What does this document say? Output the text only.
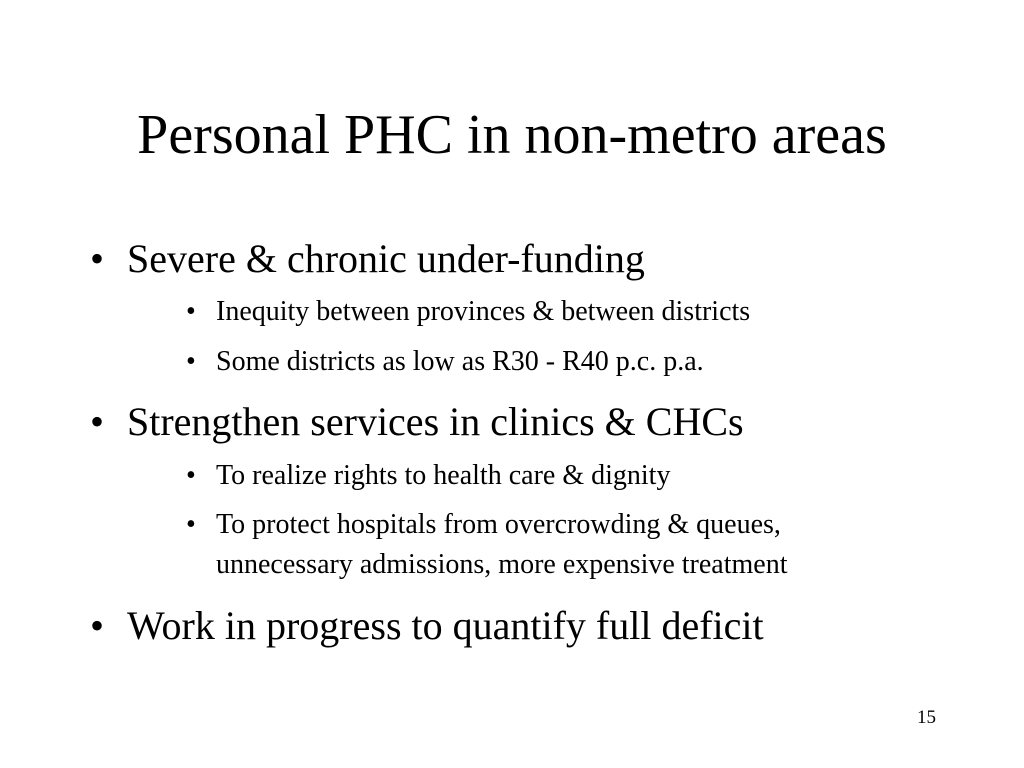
Personal PHC in non-metro areas
• Severe & chronic under-funding
• Inequity between provinces & between districts
• Some districts as low as R30 - R40 p.c. p.a.
• Strengthen services in clinics & CHCs
• To realize rights to health care & dignity
• To protect hospitals from overcrowding & queues,
unnecessary admissions, more expensive treatment
• Work in progress to quantify full deficit
15
